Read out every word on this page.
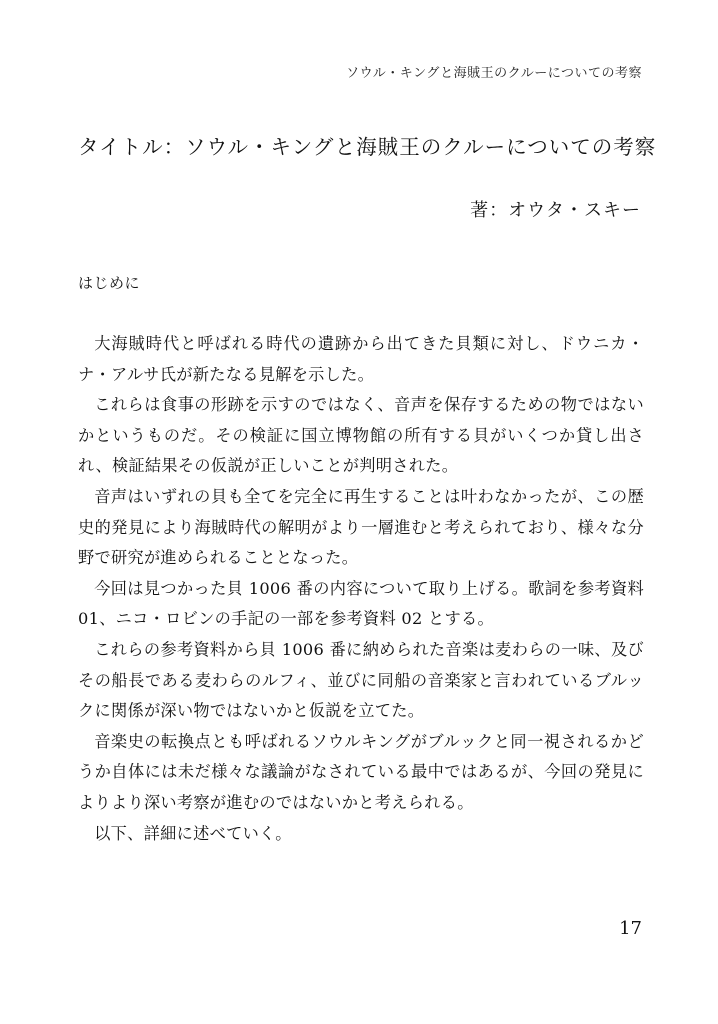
ソウル・キングと海賊王のクルーについての考察
タイトル：ソウル・キングと海賊王のクルーについての考察
著：オウタ・スキー
はじめに

大海賊時代と呼ばれる時代の遺跡から出てきた貝類に対し、ドウニカ・ナ・アルサ氏が新たなる見解を示した。

これらは食事の形跡を示すのではなく、音声を保存するための物ではないかというものだ。その検証に国立博物館の所有する貝がいくつか貸し出され、検証結果その仮説が正しいことが判明された。

音声はいずれの貝も全てを完全に再生することは叶わなかったが、この歴史的発見により海賊時代の解明がより一層進むと考えられており、様々な分野で研究が進められることとなった。

今回は見つかった貝 1006 番の内容について取り上げる。歌詞を参考資料 01、ニコ・ロビンの手記の一部を参考資料 02 とする。

これらの参考資料から貝 1006 番に納められた音楽は麦わらの一味、及びその船長である麦わらのルフィ、並びに同船の音楽家と言われているブルックに関係が深い物ではないかと仮説を立てた。

音楽史の転換点とも呼ばれるソウルキングがブルックと同一視されるかどうか自体には未だ様々な議論がなされている最中ではあるが、今回の発見によりより深い考察が進むのではないかと考えられる。

以下、詳細に述べていく。

17
